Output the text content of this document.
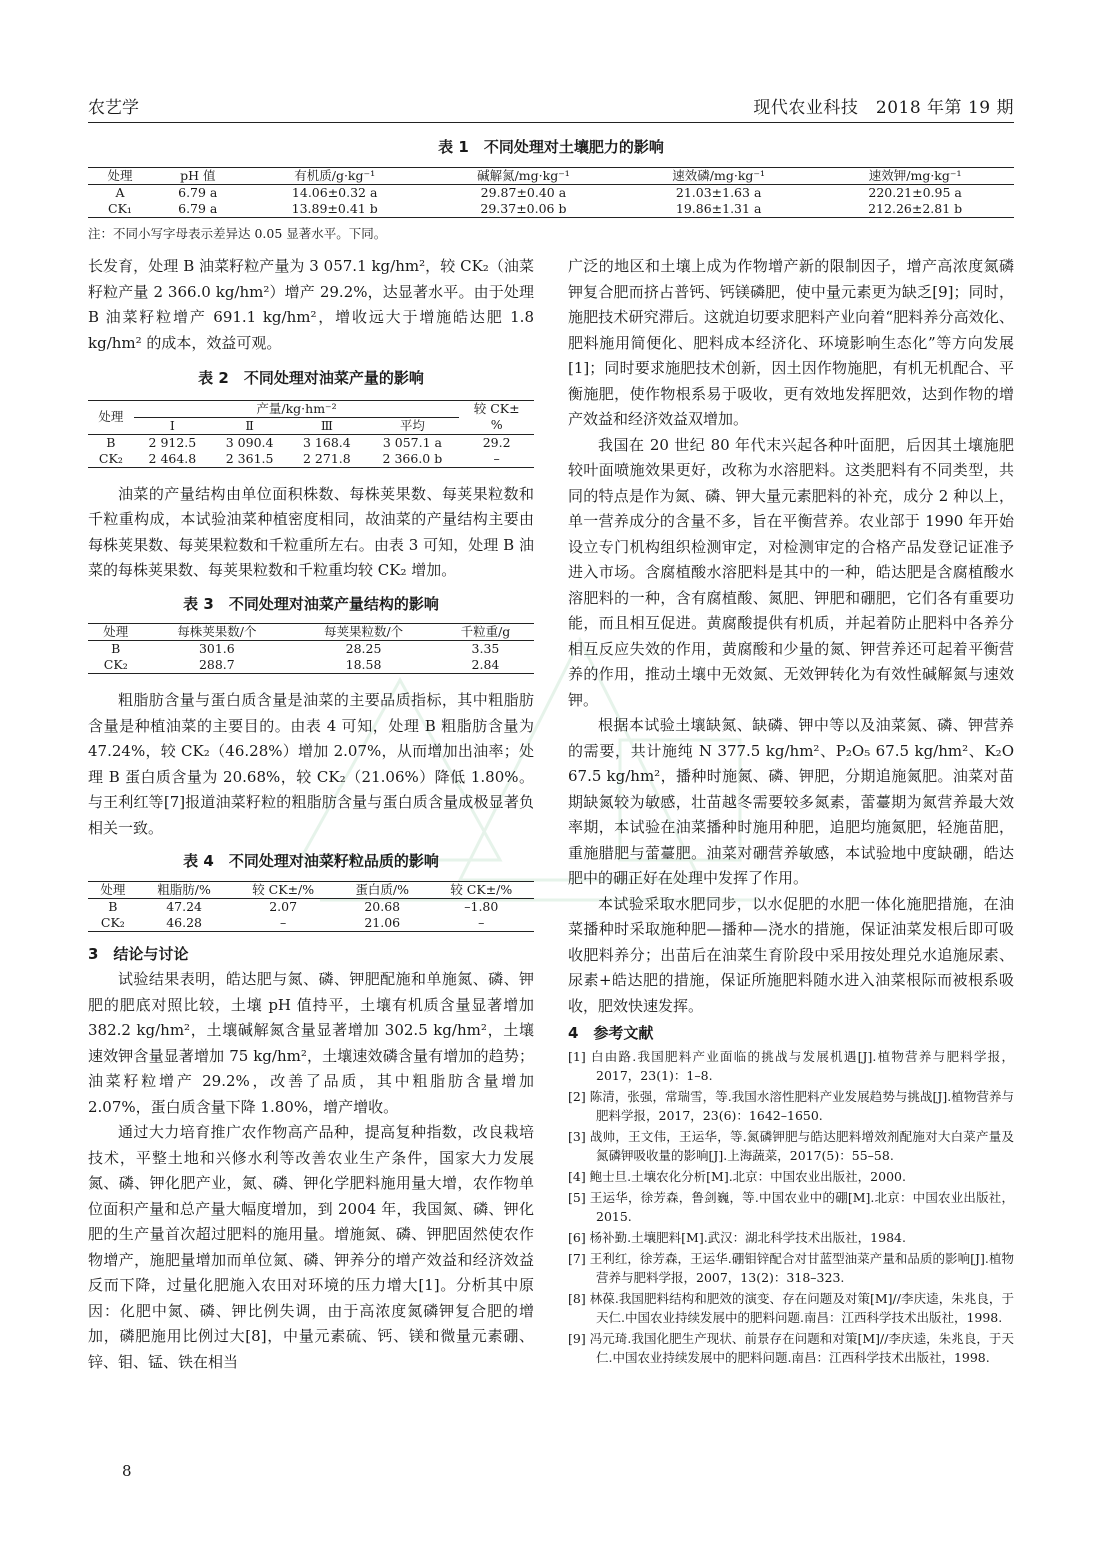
农艺学	现代农业科技　2018 年第 19 期
表 1　不同处理对土壤肥力的影响
处理	pH 值	有机质/g·kg⁻¹	碱解氮/mg·kg⁻¹	速效磷/mg·kg⁻¹	速效钾/mg·kg⁻¹
A	6.79 a	14.06±0.32 a	29.87±0.40 a	21.03±1.63 a	220.21±0.95 a
CK₁	6.79 a	13.89±0.41 b	29.37±0.06 b	19.86±1.31 a	212.26±2.81 b
注：不同小写字母表示差异达 0.05 显著水平。下同。

长发育，处理 B 油菜籽粒产量为 3 057.1 kg/hm²，较 CK₂（油菜籽粒产量 2 366.0 kg/hm²）增产 29.2%，达显著水平。由于处理 B 油菜籽粒增产 691.1 kg/hm²，增收远大于增施皓达肥 1.8 kg/hm² 的成本，效益可观。

表 2　不同处理对油菜产量的影响
处理	产量/kg·hm⁻²				较 CK±
	Ⅰ	Ⅱ	Ⅲ	平均	%
B	2 912.5	3 090.4	3 168.4	3 057.1 a	29.2
CK₂	2 464.8	2 361.5	2 271.8	2 366.0 b	–

油菜的产量结构由单位面积株数、每株荚果数、每荚果粒数和千粒重构成，本试验油菜种植密度相同，故油菜的产量结构主要由每株荚果数、每荚果粒数和千粒重所左右。由表 3 可知，处理 B 油菜的每株荚果数、每荚果粒数和千粒重均较 CK₂ 增加。

表 3　不同处理对油菜产量结构的影响
处理	每株荚果数/个	每荚果粒数/个	千粒重/g
B	301.6	28.25	3.35
CK₂	288.7	18.58	2.84

粗脂肪含量与蛋白质含量是油菜的主要品质指标，其中粗脂肪含量是种植油菜的主要目的。由表 4 可知，处理 B 粗脂肪含量为 47.24%，较 CK₂（46.28%）增加 2.07%，从而增加出油率；处理 B 蛋白质含量为 20.68%，较 CK₂（21.06%）降低 1.80%。与王利红等[7]报道油菜籽粒的粗脂肪含量与蛋白质含量成极显著负相关一致。

表 4　不同处理对油菜籽粒品质的影响
处理	粗脂肪/%	较 CK±/%	蛋白质/%	较 CK±/%
B	47.24	2.07	20.68	–1.80
CK₂	46.28	–	21.06	–
3　结论与讨论

试验结果表明，皓达肥与氮、磷、钾肥配施和单施氮、磷、钾肥的肥底对照比较，土壤 pH 值持平，土壤有机质含量显著增加 382.2 kg/hm²，土壤碱解氮含量显著增加 302.5 kg/hm²，土壤速效钾含量显著增加 75 kg/hm²，土壤速效磷含量有增加的趋势；油菜籽粒增产 29.2%，改善了品质，其中粗脂肪含量增加 2.07%，蛋白质含量下降 1.80%，增产增收。

通过大力培育推广农作物高产品种，提高复种指数，改良栽培技术，平整土地和兴修水利等改善农业生产条件，国家大力发展氮、磷、钾化肥产业，氮、磷、钾化学肥料施用量大增，农作物单位面积产量和总产量大幅度增加，到 2004 年，我国氮、磷、钾化肥的生产量首次超过肥料的施用量。增施氮、磷、钾肥固然使农作物增产，施肥量增加而单位氮、磷、钾养分的增产效益和经济效益反而下降，过量化肥施入农田对环境的压力增大[1]。分析其中原因：化肥中氮、磷、钾比例失调，由于高浓度氮磷钾复合肥的增加，磷肥施用比例过大[8]，中量元素硫、钙、镁和微量元素硼、锌、钼、锰、铁在相当

广泛的地区和土壤上成为作物增产新的限制因子，增产高浓度氮磷钾复合肥而挤占普钙、钙镁磷肥，使中量元素更为缺乏[9]；同时，施肥技术研究滞后。这就迫切要求肥料产业向着“肥料养分高效化、肥料施用简便化、肥料成本经济化、环境影响生态化”等方向发展[1]；同时要求施肥技术创新，因土因作物施肥，有机无机配合、平衡施肥，使作物根系易于吸收，更有效地发挥肥效，达到作物的增产效益和经济效益双增加。

我国在 20 世纪 80 年代末兴起各种叶面肥，后因其土壤施肥较叶面喷施效果更好，改称为水溶肥料。这类肥料有不同类型，共同的特点是作为氮、磷、钾大量元素肥料的补充，成分 2 种以上，单一营养成分的含量不多，旨在平衡营养。农业部于 1990 年开始设立专门机构组织检测审定，对检测审定的合格产品发登记证准予进入市场。含腐植酸水溶肥料是其中的一种，皓达肥是含腐植酸水溶肥料的一种，含有腐植酸、氮肥、钾肥和硼肥，它们各有重要功能，而且相互促进。黄腐酸提供有机质，并起着防止肥料中各养分相互反应失效的作用，黄腐酸和少量的氮、钾营养还可起着平衡营养的作用，推动土壤中无效氮、无效钾转化为有效性碱解氮与速效钾。

根据本试验土壤缺氮、缺磷、钾中等以及油菜氮、磷、钾营养的需要，共计施纯 N 377.5 kg/hm²、P₂O₅ 67.5 kg/hm²、K₂O 67.5 kg/hm²，播种时施氮、磷、钾肥，分期追施氮肥。油菜对苗期缺氮较为敏感，壮苗越冬需要较多氮素，蕾薹期为氮营养最大效率期，本试验在油菜播种时施用种肥，追肥均施氮肥，轻施苗肥，重施腊肥与蕾薹肥。油菜对硼营养敏感，本试验地中度缺硼，皓达肥中的硼正好在处理中发挥了作用。

本试验采取水肥同步，以水促肥的水肥一体化施肥措施，在油菜播种时采取施种肥—播种—浇水的措施，保证油菜发根后即可吸收肥料养分；出苗后在油菜生育阶段中采用按处理兑水追施尿素、尿素+皓达肥的措施，保证所施肥料随水进入油菜根际而被根系吸收，肥效快速发挥。

4　参考文献
[1] 白由路.我国肥料产业面临的挑战与发展机遇[J].植物营养与肥料学报，2017，23(1)：1–8.
[2] 陈清，张强，常瑞雪，等.我国水溶性肥料产业发展趋势与挑战[J].植物营养与肥料学报，2017，23(6)：1642–1650.
[3] 战帅，王文伟，王运华，等.氮磷钾肥与皓达肥料增效剂配施对大白菜产量及氮磷钾吸收量的影响[J].上海蔬菜，2017(5)：55–58.
[4] 鲍士旦.土壤农化分析[M].北京：中国农业出版社，2000.
[5] 王运华，徐芳森，鲁剑巍，等.中国农业中的硼[M].北京：中国农业出版社，2015.
[6] 杨补勤.土壤肥料[M].武汉：湖北科学技术出版社，1984.
[7] 王利红，徐芳森，王运华.硼钼锌配合对甘蓝型油菜产量和品质的影响[J].植物营养与肥料学报，2007，13(2)：318–323.
[8] 林葆.我国肥料结构和肥效的演变、存在问题及对策[M]//李庆逵，朱兆良，于天仁.中国农业持续发展中的肥料问题.南昌：江西科学技术出版社，1998.
[9] 冯元琦.我国化肥生产现状、前景存在问题和对策[M]//李庆逵，朱兆良，于天仁.中国农业持续发展中的肥料问题.南昌：江西科学技术出版社，1998.
8
